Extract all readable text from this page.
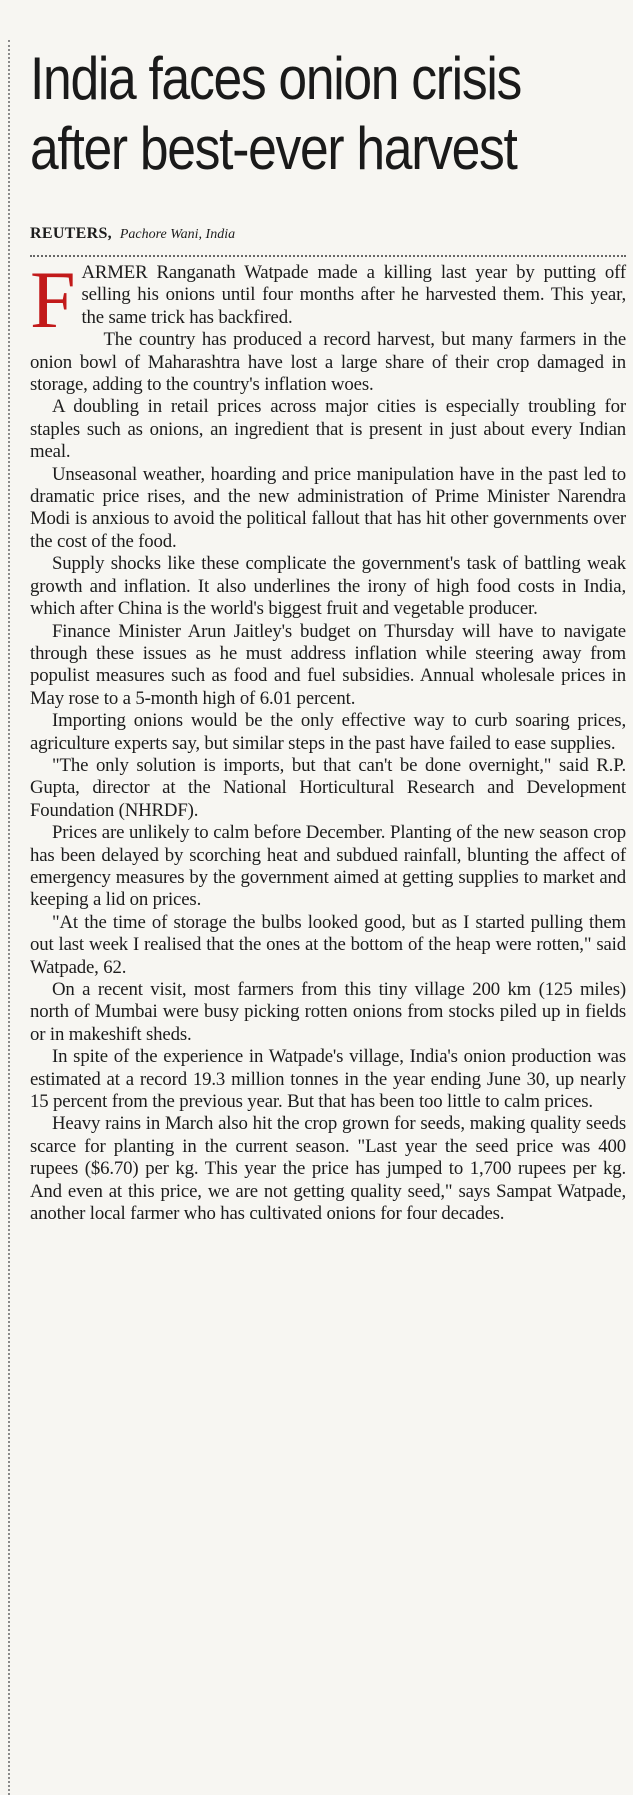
India faces onion crisis
after best-ever harvest
REUTERS, Pachore Wani, India

FARMER Ranganath Watpade made a killing last year by putting off selling his onions until four months after he harvested them. This year, the same trick has backfired.

The country has produced a record harvest, but many farmers in the onion bowl of Maharashtra have lost a large share of their crop damaged in storage, adding to the country's inflation woes.

A doubling in retail prices across major cities is especially troubling for staples such as onions, an ingredient that is present in just about every Indian meal.

Unseasonal weather, hoarding and price manipulation have in the past led to dramatic price rises, and the new administration of Prime Minister Narendra Modi is anxious to avoid the political fallout that has hit other governments over the cost of the food.

Supply shocks like these complicate the government's task of battling weak growth and inflation. It also underlines the irony of high food costs in India, which after China is the world's biggest fruit and vegetable producer.

Finance Minister Arun Jaitley's budget on Thursday will have to navigate through these issues as he must address inflation while steering away from populist measures such as food and fuel subsidies. Annual wholesale prices in May rose to a 5-month high of 6.01 percent.

Importing onions would be the only effective way to curb soaring prices, agriculture experts say, but similar steps in the past have failed to ease supplies.

"The only solution is imports, but that can't be done overnight," said R.P. Gupta, director at the National Horticultural Research and Development Foundation (NHRDF).

Prices are unlikely to calm before December. Planting of the new season crop has been delayed by scorching heat and subdued rainfall, blunting the affect of emergency measures by the government aimed at getting supplies to market and keeping a lid on prices.

"At the time of storage the bulbs looked good, but as I started pulling them out last week I realised that the ones at the bottom of the heap were rotten," said Watpade, 62.

On a recent visit, most farmers from this tiny village 200 km (125 miles) north of Mumbai were busy picking rotten onions from stocks piled up in fields or in makeshift sheds.

In spite of the experience in Watpade's village, India's onion production was estimated at a record 19.3 million tonnes in the year ending June 30, up nearly 15 percent from the previous year. But that has been too little to calm prices.

Heavy rains in March also hit the crop grown for seeds, making quality seeds scarce for planting in the current season. "Last year the seed price was 400 rupees ($6.70) per kg. This year the price has jumped to 1,700 rupees per kg. And even at this price, we are not getting quality seed," says Sampat Watpade, another local farmer who has cultivated onions for four decades.
